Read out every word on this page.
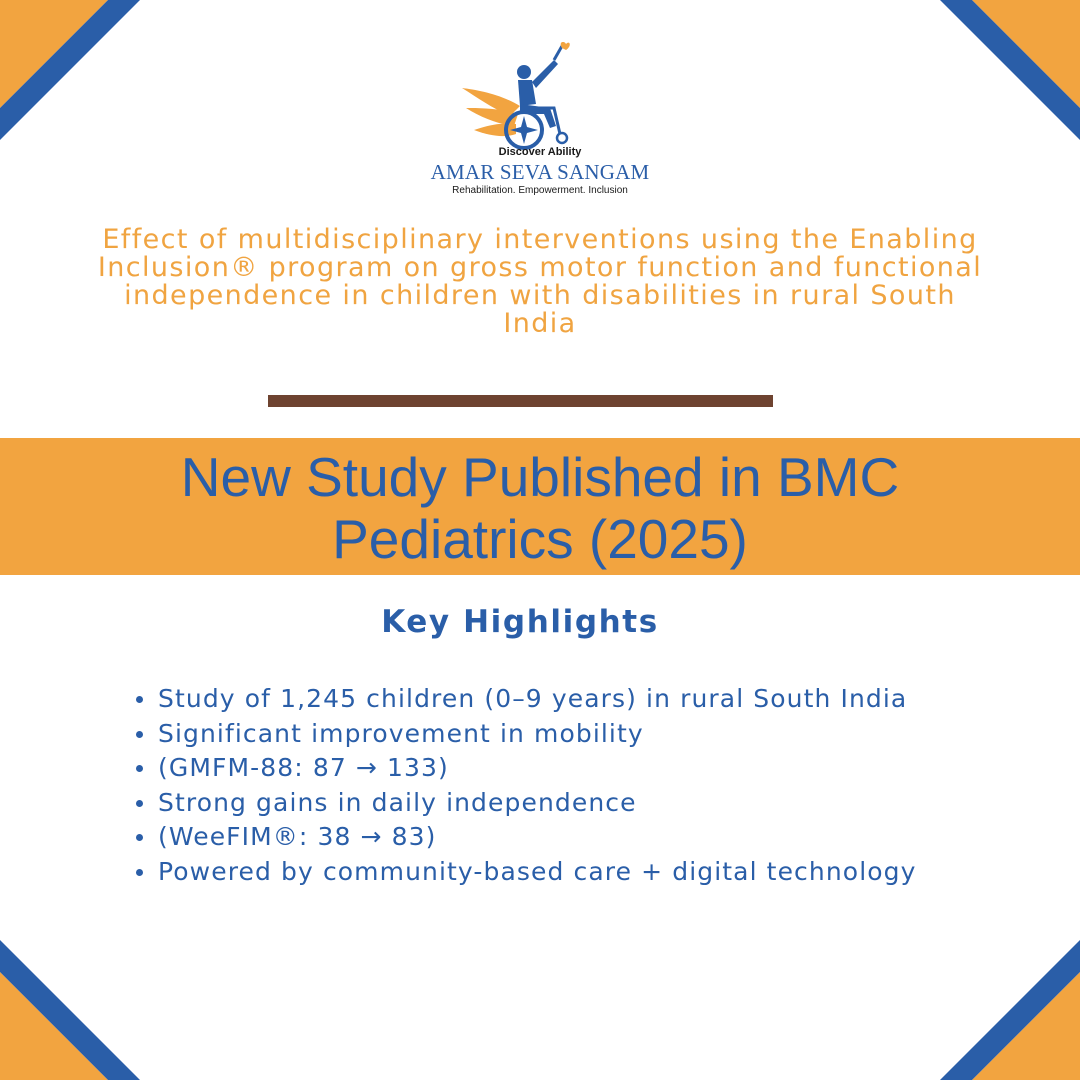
Discover Ability
AMAR SEVA SANGAM
Rehabilitation. Empowerment. Inclusion
Effect of multidisciplinary interventions using the Enabling Inclusion® program on gross motor function and functional independence in children with disabilities in rural South India
New Study Published in BMC
Pediatrics (2025)
Key Highlights
Study of 1,245 children (0–9 years) in rural South India
Significant improvement in mobility
(GMFM-88: 87 → 133)
Strong gains in daily independence
(WeeFIM®: 38 → 83)
Powered by community-based care + digital technology
